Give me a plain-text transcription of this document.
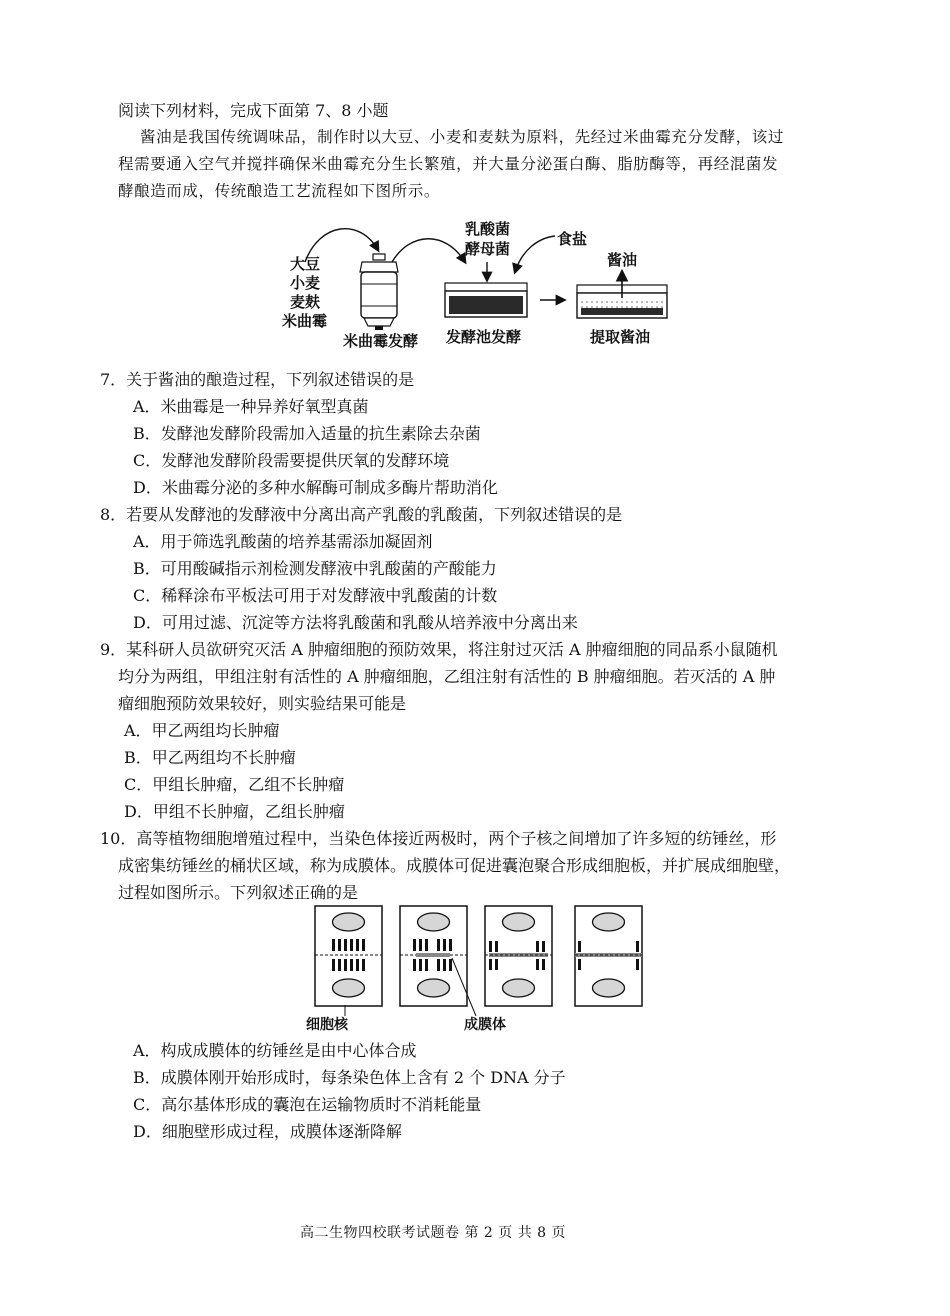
阅读下列材料，完成下面第 7、8 小题
酱油是我国传统调味品，制作时以大豆、小麦和麦麸为原料，先经过米曲霉充分发酵，该过
程需要通入空气并搅拌确保米曲霉充分生长繁殖，并大量分泌蛋白酶、脂肪酶等，再经混菌发
酵酿造而成，传统酿造工艺流程如下图所示。
大豆
小麦
麦麸
米曲霉
米曲霉发酵
乳酸菌
酵母菌
食盐
发酵池发酵
酱油
提取酱油
7．关于酱油的酿造过程，下列叙述错误的是
A．米曲霉是一种异养好氧型真菌
B．发酵池发酵阶段需加入适量的抗生素除去杂菌
C．发酵池发酵阶段需要提供厌氧的发酵环境
D．米曲霉分泌的多种水解酶可制成多酶片帮助消化
8．若要从发酵池的发酵液中分离出高产乳酸的乳酸菌，下列叙述错误的是
A．用于筛选乳酸菌的培养基需添加凝固剂
B．可用酸碱指示剂检测发酵液中乳酸菌的产酸能力
C．稀释涂布平板法可用于对发酵液中乳酸菌的计数
D．可用过滤、沉淀等方法将乳酸菌和乳酸从培养液中分离出来
9．某科研人员欲研究灭活 A 肿瘤细胞的预防效果，将注射过灭活 A 肿瘤细胞的同品系小鼠随机
均分为两组，甲组注射有活性的 A 肿瘤细胞，乙组注射有活性的 B 肿瘤细胞。若灭活的 A 肿
瘤细胞预防效果较好，则实验结果可能是
A．甲乙两组均长肿瘤
B．甲乙两组均不长肿瘤
C．甲组长肿瘤，乙组不长肿瘤
D．甲组不长肿瘤，乙组长肿瘤
10．高等植物细胞增殖过程中，当染色体接近两极时，两个子核之间增加了许多短的纺锤丝，形
成密集纺锤丝的桶状区域，称为成膜体。成膜体可促进囊泡聚合形成细胞板，并扩展成细胞壁，
过程如图所示。下列叙述正确的是
细胞核	成膜体
A．构成成膜体的纺锤丝是由中心体合成
B．成膜体刚开始形成时，每条染色体上含有 2 个 DNA 分子
C．高尔基体形成的囊泡在运输物质时不消耗能量
D．细胞壁形成过程，成膜体逐渐降解
高二生物四校联考试题卷 第 2 页 共 8 页
